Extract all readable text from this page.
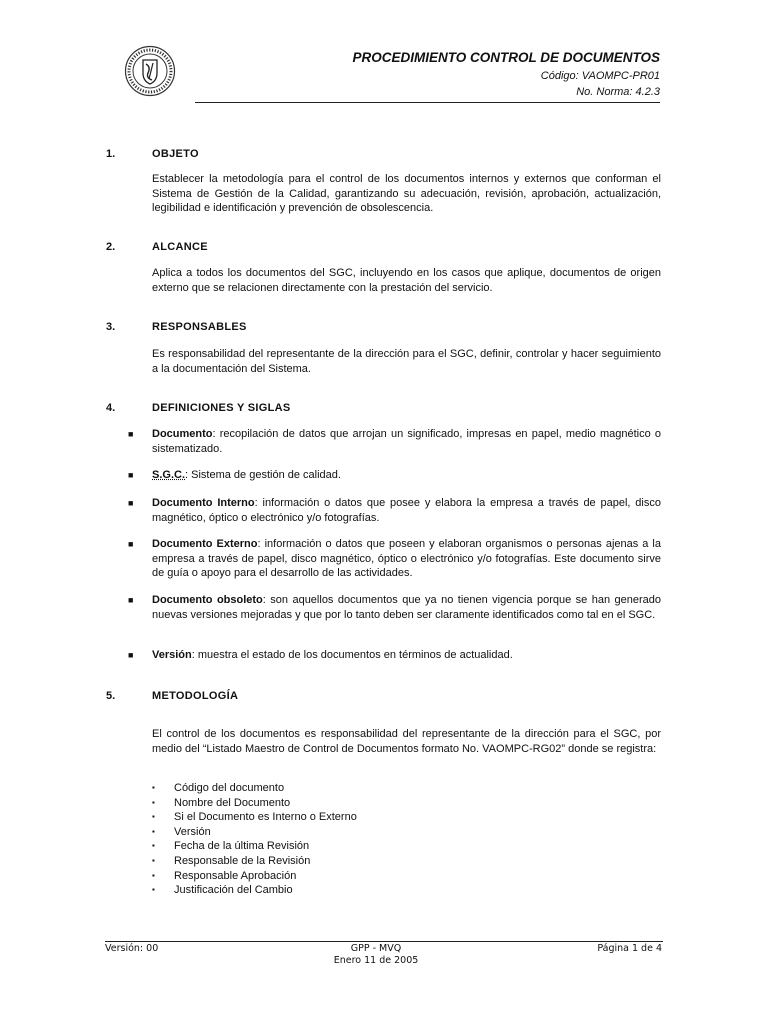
PROCEDIMIENTO CONTROL DE DOCUMENTOS
Código: VAOMPC-PR01
No. Norma: 4.2.3
1.	OBJETO

Establecer la metodología para el control de los documentos internos y externos que conforman el Sistema de Gestión de la Calidad, garantizando su adecuación, revisión, aprobación, actualización, legibilidad e identificación y prevención de obsolescencia.

2.	ALCANCE

Aplica a todos los documentos del SGC, incluyendo en los casos que aplique, documentos de origen externo que se relacionen directamente con la prestación del servicio.

3.	RESPONSABLES

Es responsabilidad del representante de la dirección para el SGC, definir, controlar y hacer seguimiento a la documentación del Sistema.

4.	DEFINICIONES Y SIGLAS
■ Documento: recopilación de datos que arrojan un significado, impresas en papel, medio magnético o sistematizado.
■ S.G.C.: Sistema de gestión de calidad.
■ Documento Interno: información o datos que posee y elabora la empresa a través de papel, disco magnético, óptico o electrónico y/o fotografías.
■ Documento Externo: información o datos que poseen y elaboran organismos o personas ajenas a la empresa a través de papel, disco magnético, óptico o electrónico y/o fotografías. Este documento sirve de guía o apoyo para el desarrollo de las actividades.
■ Documento obsoleto: son aquellos documentos que ya no tienen vigencia porque se han generado nuevas versiones mejoradas y que por lo tanto deben ser claramente identificados como tal en el SGC.
■ Versión: muestra el estado de los documentos en términos de actualidad.
5.	METODOLOGÍA

El control de los documentos es responsabilidad del representante de la dirección para el SGC, por medio del “Listado Maestro de Control de Documentos formato No. VAOMPC-RG02” donde se registra:

▪ Código del documento
▪ Nombre del Documento
▪ Si el Documento es Interno o Externo
▪ Versión
▪ Fecha de la última Revisión
▪ Responsable de la Revisión
▪ Responsable Aprobación
▪ Justificación del Cambio
Versión: 00	GPP - MVQ
Enero 11 de 2005
Página 1 de 4
